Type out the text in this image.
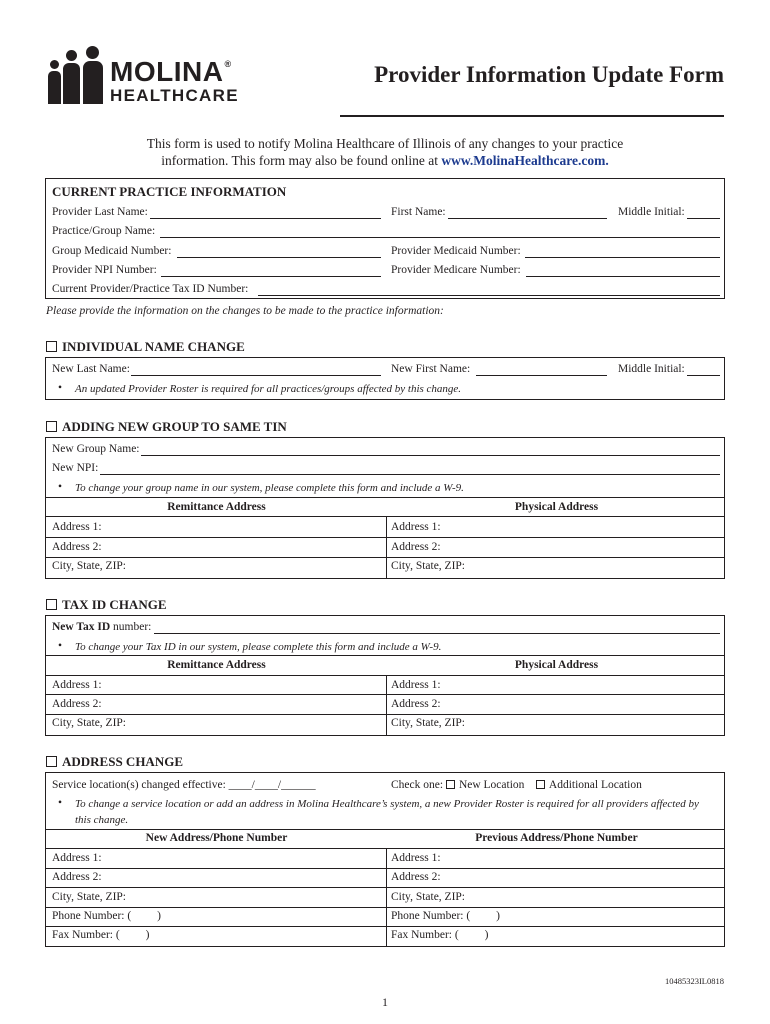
MOLINA®
HEALTHCARE
Provider Information Update Form
This form is used to notify Molina Healthcare of Illinois of any changes to your practice
information. This form may also be found online at www.MolinaHealthcare.com.
CURRENT PRACTICE INFORMATION
Provider Last Name:	First Name:	Middle Initial:
Practice/Group Name:
Group Medicaid Number:	Provider Medicaid Number:
Provider NPI Number:	Provider Medicare Number:
Current Provider/Practice Tax ID Number:
Please provide the information on the changes to be made to the practice information:
INDIVIDUAL NAME CHANGE
New Last Name:	New First Name:	Middle Initial:
• An updated Provider Roster is required for all practices/groups affected by this change.
ADDING NEW GROUP TO SAME TIN
New Group Name:
New NPI:
• To change your group name in our system, please complete this form and include a W-9.
Remittance Address	Physical Address
Address 1:	Address 1:
Address 2:	Address 2:
City, State, ZIP:	City, State, ZIP:
TAX ID CHANGE
New Tax ID number:
• To change your Tax ID in our system, please complete this form and include a W-9.
Remittance Address	Physical Address
Address 1:	Address 1:
Address 2:	Address 2:
City, State, ZIP:	City, State, ZIP:
ADDRESS CHANGE
Service location(s) changed effective: ____/____/______	Check one: New Location Additional Location
• To change a service location or add an address in Molina Healthcare’s system, a new Provider Roster is required for all providers affected by
this change.
New Address/Phone Number	Previous Address/Phone Number
Address 1:	Address 1:
Address 2:	Address 2:
City, State, ZIP:	City, State, ZIP:
Phone Number: (         )	Phone Number: (         )
Fax Number: (         )	Fax Number: (         )
10485323IL0818
1
